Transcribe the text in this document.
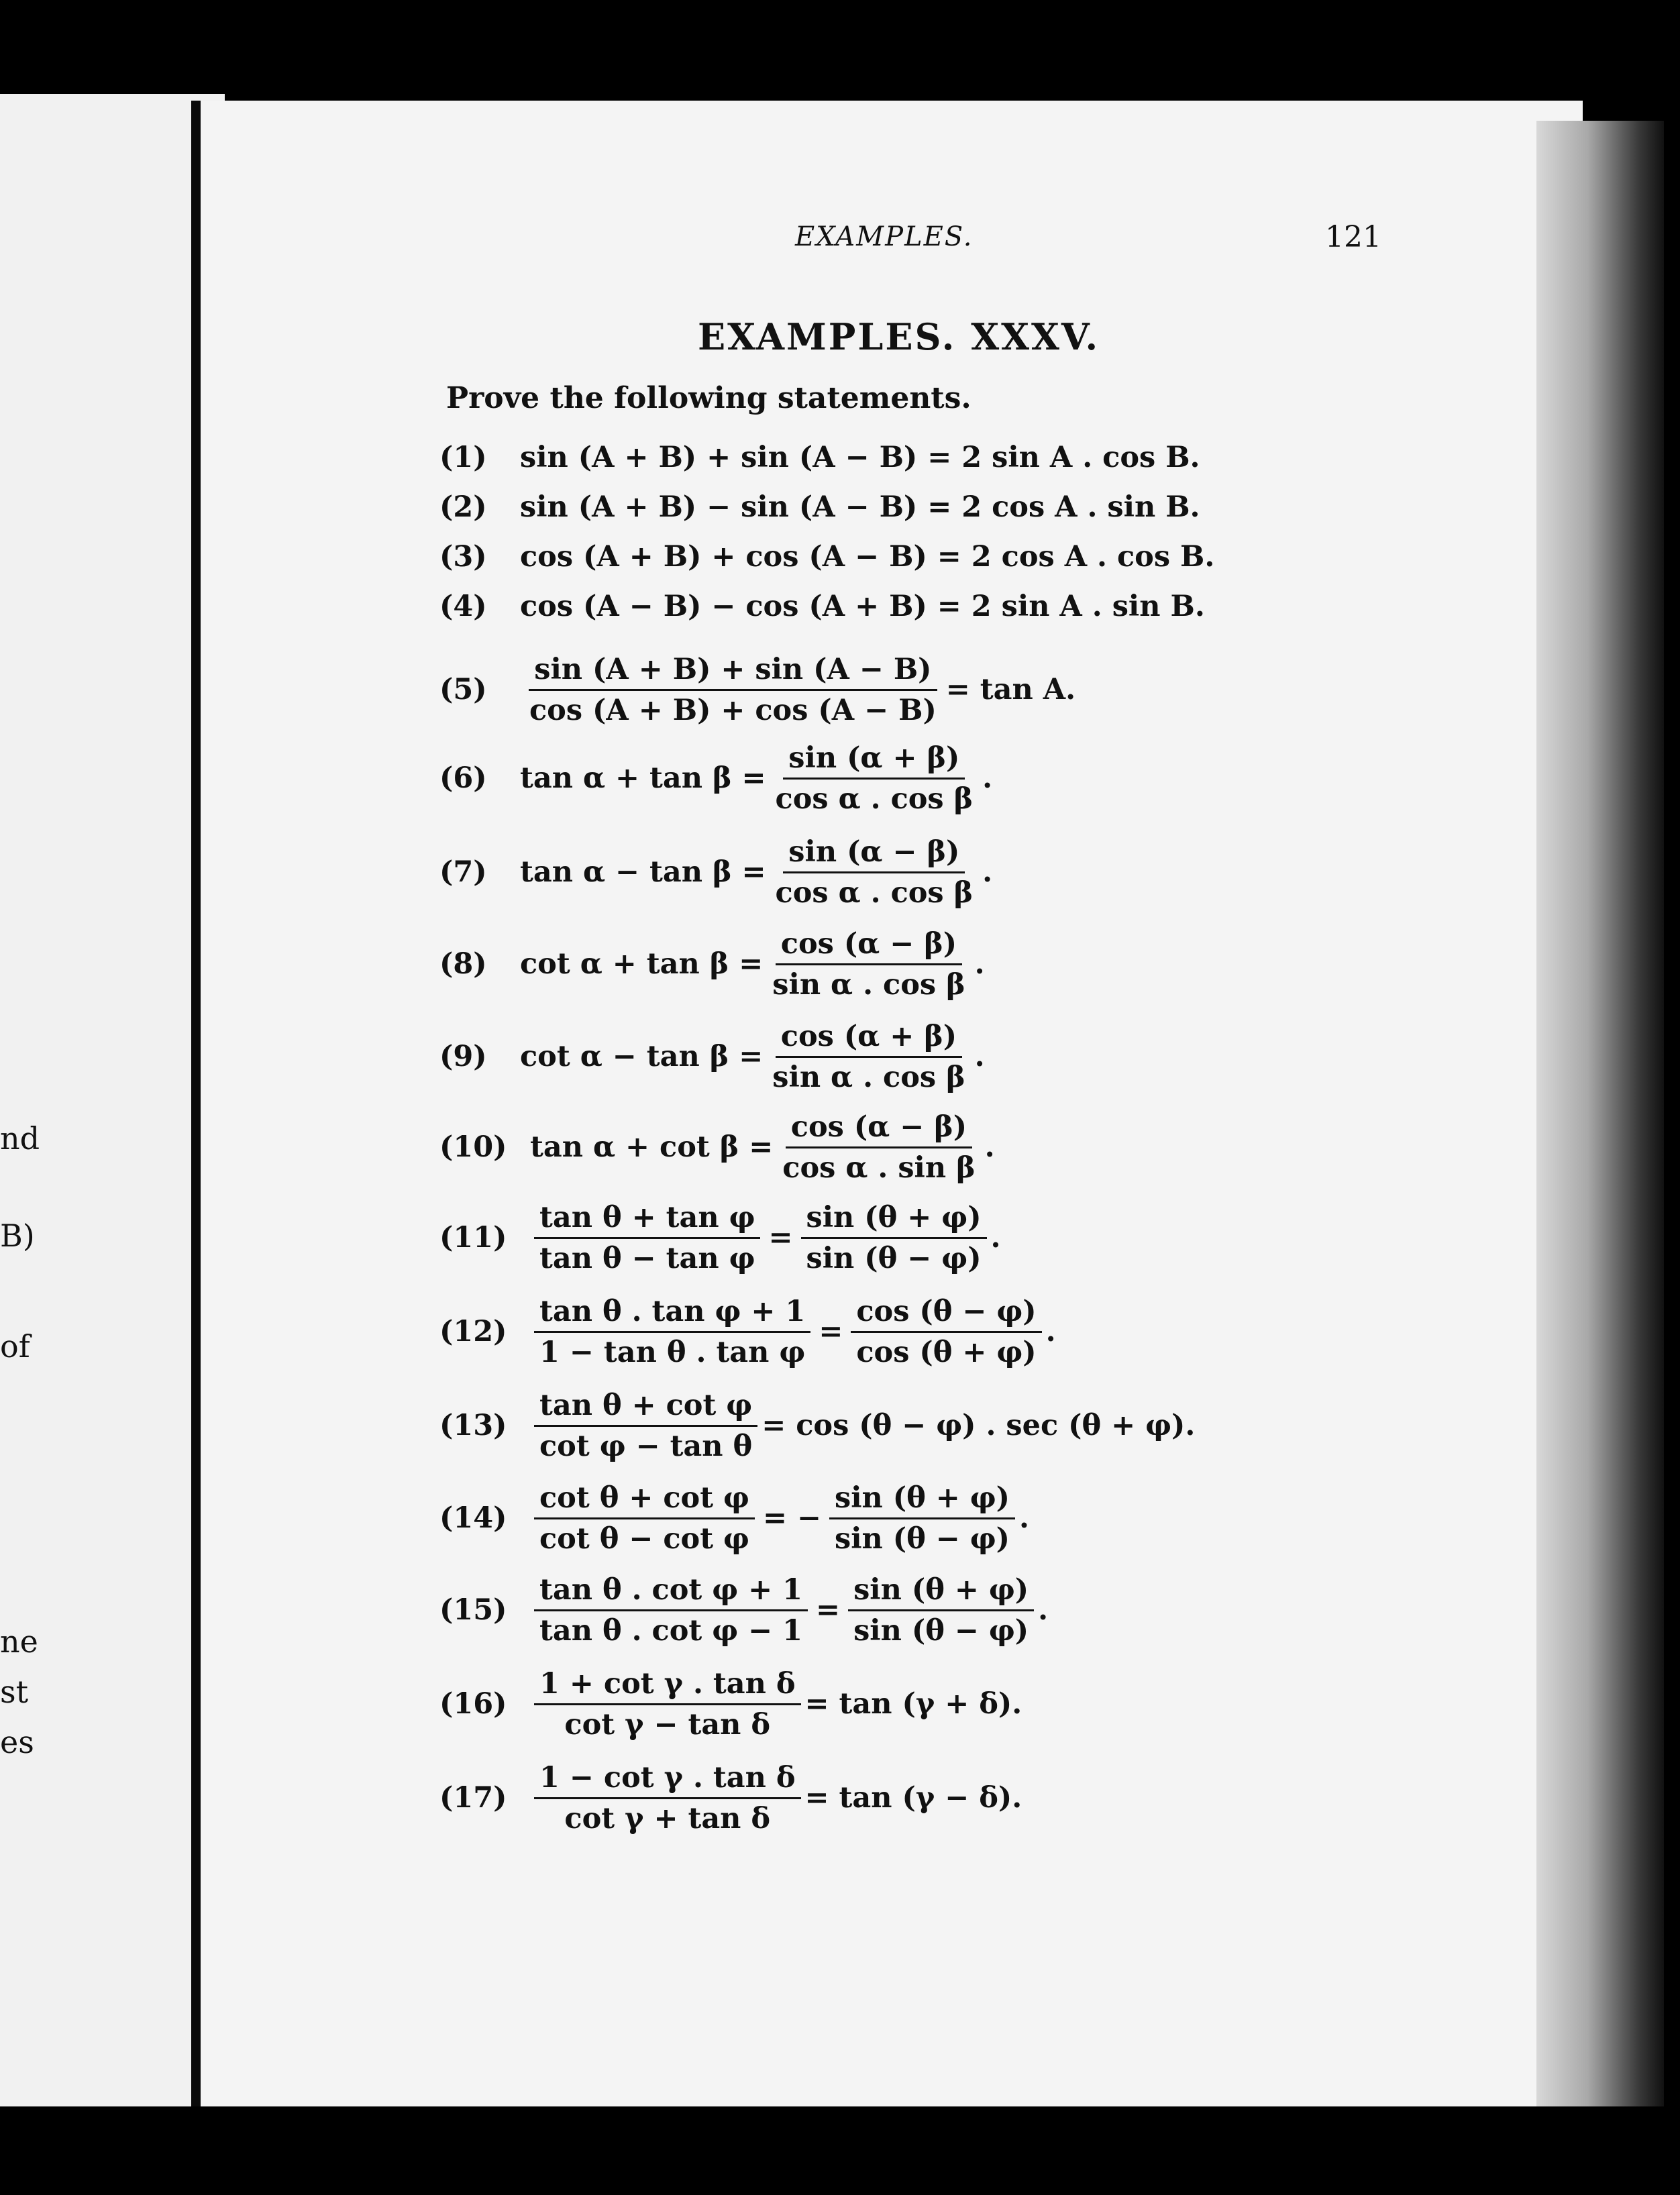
nd
B)
of
ne
st
es
EXAMPLES.	121
EXAMPLES. XXXV.
Prove the following statements.
(1)	sin (A + B) + sin (A − B) = 2 sin A . cos B.
(2)	sin (A + B) − sin (A − B) = 2 cos A . sin B.
(3)	cos (A + B) + cos (A − B) = 2 cos A . cos B.
(4)	cos (A − B) − cos (A + B) = 2 sin A . sin B.
(5)	$\frac{\sin (A + B) + \sin (A - B)}{\cos (A + B) + \cos (A - B)} = \tan A$.
(6)	$\tan \alpha + \tan \beta = \frac{\sin (\alpha + \beta)}{\text{cos α . cos β}}$ .
(7)	$\tan \alpha - \tan \beta = \frac{\sin (\alpha - \beta)}{\text{cos α . cos β}}$ .
(8)	$\cot \alpha + \tan \beta = \frac{\cos (\alpha - \beta)}{\text{sin α . cos β}}$ .
(9)	$\cot \alpha - \tan \beta = \frac{\cos (\alpha + \beta)}{\text{sin α . cos β}}$ .
(10) $\tan \alpha + \cot \beta = \frac{\cos (\alpha - \beta)}{\text{cos α . sin β}}$ .
$(11) \frac{\text{tan θ + tan φ}}{\text{tan θ − tan φ}} = \frac{\sin (\theta + \varphi)}{\sin (\theta - \varphi)}$ .
$(12) \frac{\text{tan θ . tan φ + 1}}{\text{1 − tan θ . tan φ}} = \frac{\cos (\theta - \varphi)}{\cos (\theta + \varphi)}$ .
$(13) \frac{\text{tan θ + cot φ}}{\text{cot φ − tan θ}} = \cos (\theta - \varphi)$ . sec (θ + φ).
$(14) \frac{\text{cot θ + cot φ}}{\text{cot θ − cot φ}}$ = − $\frac{\sin (\theta + \varphi)}{\sin (\theta - \varphi)}$ .
$(15) \frac{\text{tan θ . cot φ + 1}}{\text{tan θ . cot φ − 1}} = \frac{\sin (\theta + \varphi)}{\sin (\theta - \varphi)}$ .
$(16) \frac{\text{1 + cot γ . tan δ}}{\text{cot γ − tan δ}} = \tan (\gamma + \delta)$.
$(17) \frac{\text{1 − cot γ . tan δ}}{\text{cot γ + tan δ}} = \tan (\gamma - \delta)$.
